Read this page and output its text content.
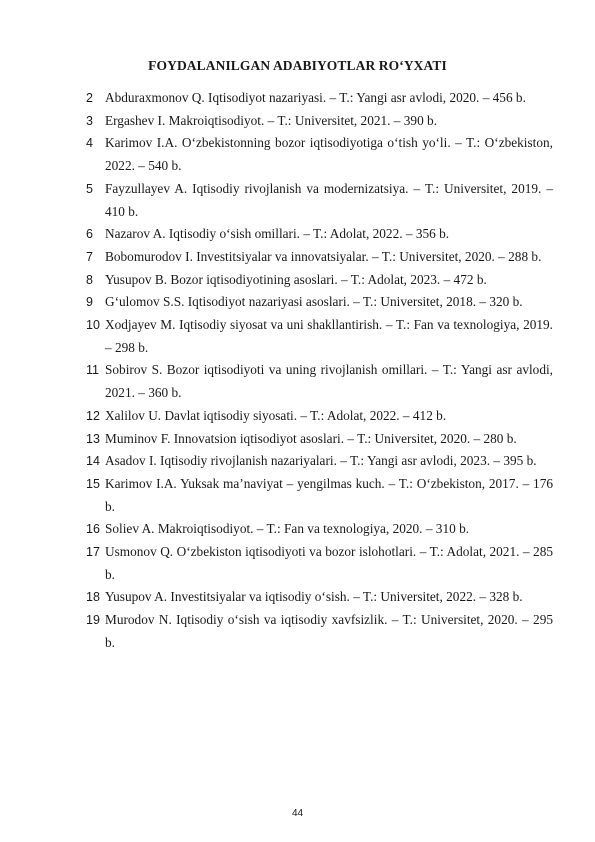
FOYDALANILGAN ADABIYOTLAR RO‘YXATI
2 Abduraxmonov Q. Iqtisodiyot nazariyasi. – T.: Yangi asr avlodi, 2020. – 456 b.
3 Ergashev I. Makroiqtisodiyot. – T.: Universitet, 2021. – 390 b.
4 Karimov I.A. O‘zbekistonning bozor iqtisodiyotiga o‘tish yo‘li. – T.: O‘zbekiston, 2022. – 540 b.
5 Fayzullayev A. Iqtisodiy rivojlanish va modernizatsiya. – T.: Universitet, 2019. – 410 b.
6 Nazarov A. Iqtisodiy o‘sish omillari. – T.: Adolat, 2022. – 356 b.
7 Bobomurodov I. Investitsiyalar va innovatsiyalar. – T.: Universitet, 2020. – 288 b.
8 Yusupov B. Bozor iqtisodiyotining asoslari. – T.: Adolat, 2023. – 472 b.
9 G‘ulomov S.S. Iqtisodiyot nazariyasi asoslari. – T.: Universitet, 2018. – 320 b.
10 Xodjayev M. Iqtisodiy siyosat va uni shakllantirish. – T.: Fan va texnologiya, 2019. – 298 b.
11 Sobirov S. Bozor iqtisodiyoti va uning rivojlanish omillari. – T.: Yangi asr avlodi, 2021. – 360 b.
12 Xalilov U. Davlat iqtisodiy siyosati. – T.: Adolat, 2022. – 412 b.
13 Muminov F. Innovatsion iqtisodiyot asoslari. – T.: Universitet, 2020. – 280 b.
14 Asadov I. Iqtisodiy rivojlanish nazariyalari. – T.: Yangi asr avlodi, 2023. – 395 b.
15 Karimov I.A. Yuksak ma’naviyat – yengilmas kuch. – T.: O‘zbekiston, 2017. – 176 b.
16 Soliev A. Makroiqtisodiyot. – T.: Fan va texnologiya, 2020. – 310 b.
17 Usmonov Q. O‘zbekiston iqtisodiyoti va bozor islohotlari. – T.: Adolat, 2021. – 285 b.
18 Yusupov A. Investitsiyalar va iqtisodiy o‘sish. – T.: Universitet, 2022. – 328 b.
19 Murodov N. Iqtisodiy o‘sish va iqtisodiy xavfsizlik. – T.: Universitet, 2020. – 295 b.
44
